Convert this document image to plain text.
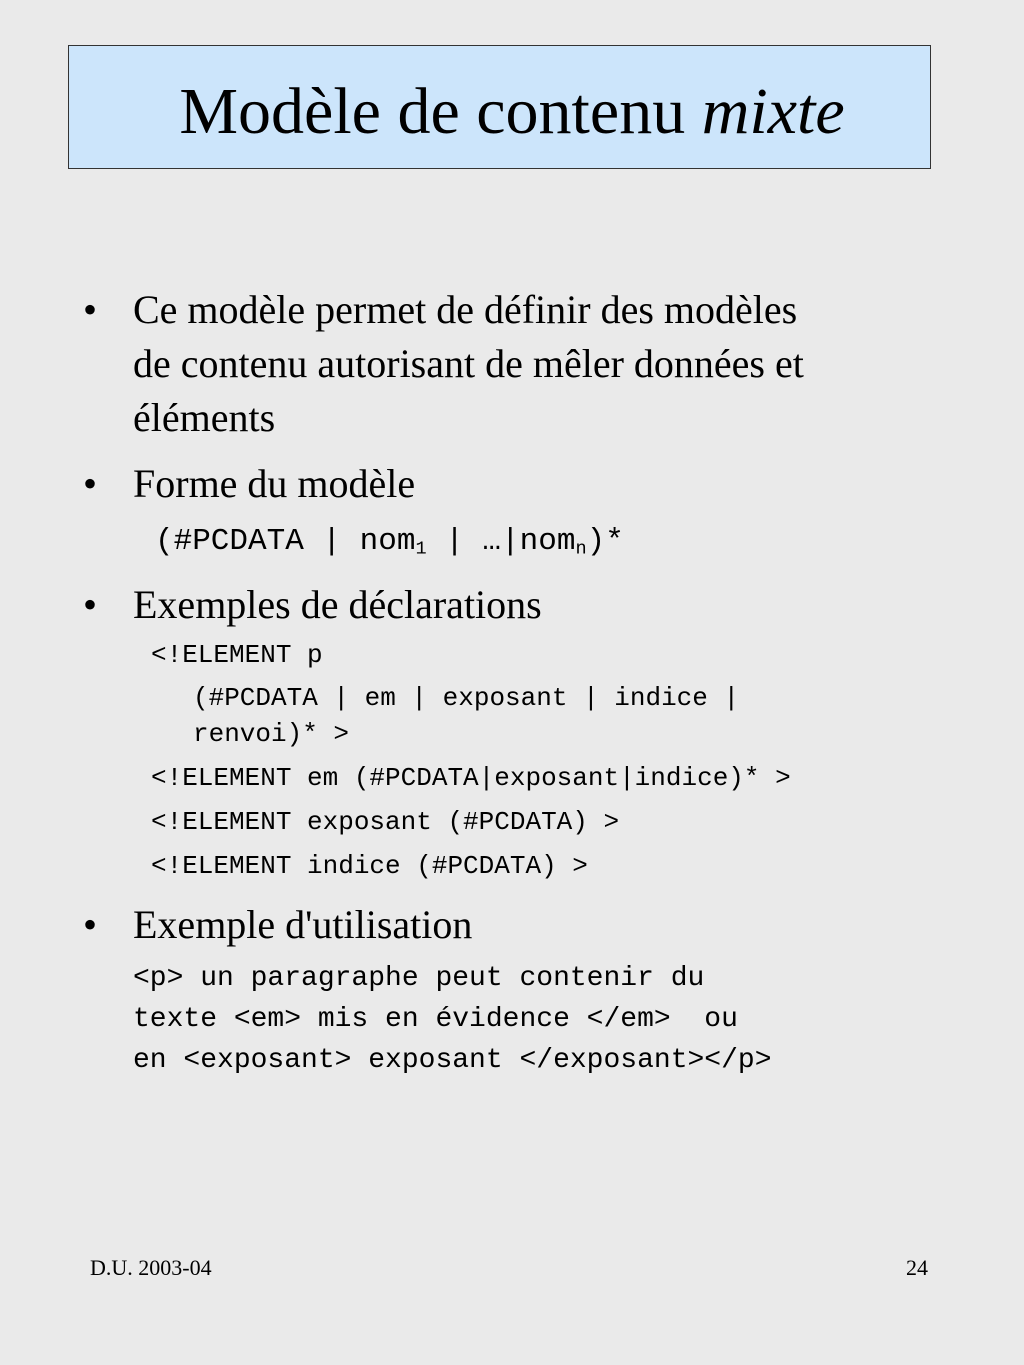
Modèle de contenu mixte
• Ce modèle permet de définir des modèles
de contenu autorisant de mêler données et
éléments
• Forme du modèle
(#PCDATA | nom$_1$ | …|nom$_n$)*
• Exemples de déclarations
<!ELEMENT p
(#PCDATA | em | exposant | indice |
renvoi)* >
<!ELEMENT em (#PCDATA|exposant|indice)* >
<!ELEMENT exposant (#PCDATA) >
<!ELEMENT indice (#PCDATA) >
• Exemple d'utilisation
<p> un paragraphe peut contenir du
texte <em> mis en évidence </em>  ou
en <exposant> exposant </exposant></p>
D.U. 2003-04	24
